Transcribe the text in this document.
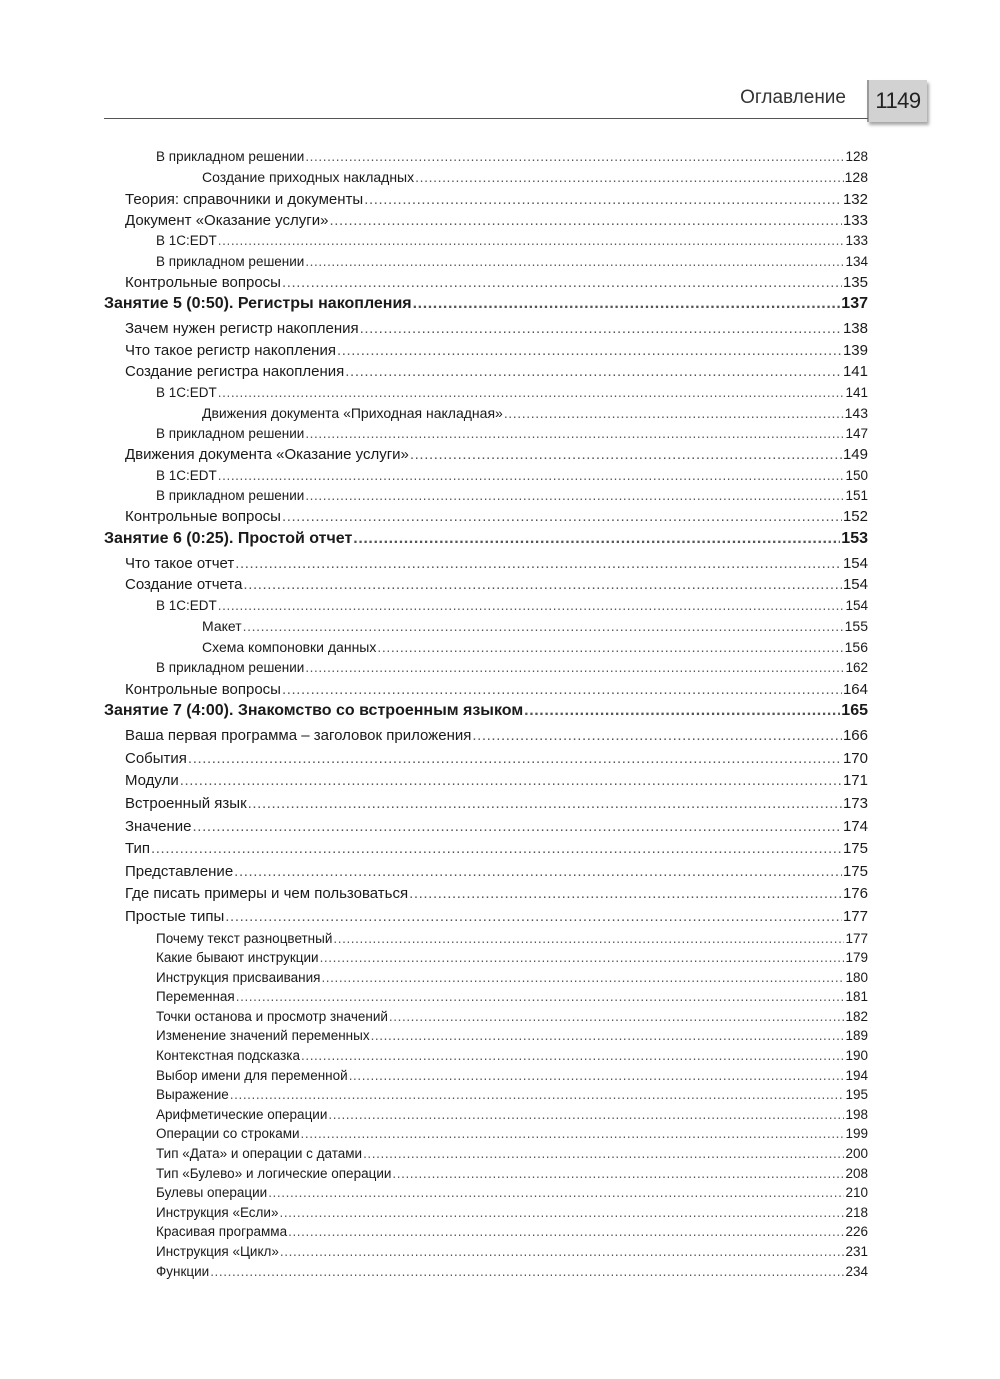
Оглавление	1149
В прикладном решении .....	128
Создание приходных накладных .....	128
Теория: справочники и документы .....	132
Документ «Оказание услуги» .....	133
В 1С:EDT .....	133
В прикладном решении .....	134
Контрольные вопросы .....	135
Занятие 5 (0:50). Регистры накопления .....	137
Зачем нужен регистр накопления .....	138
Что такое регистр накопления .....	139
Создание регистра накопления .....	141
В 1С:EDT .....	141
Движения документа «Приходная накладная» .....	143
В прикладном решении .....	147
Движения документа «Оказание услуги» .....	149
В 1С:EDT .....	150
В прикладном решении .....	151
Контрольные вопросы .....	152
Занятие 6 (0:25). Простой отчет .....	153
Что такое отчет .....	154
Создание отчета .....	154
В 1С:EDT .....	154
Макет .....	155
Схема компоновки данных .....	156
В прикладном решении .....	162
Контрольные вопросы .....	164
Занятие 7 (4:00). Знакомство со встроенным языком .....	165
Ваша первая программа – заголовок приложения .....	166
События .....	170
Модули .....	171
Встроенный язык .....	173
Значение .....	174
Тип .....	175
Представление .....	175
Где писать примеры и чем пользоваться .....	176
Простые типы .....	177
Почему текст разноцветный .....	177
Какие бывают инструкции .....	179
Инструкция присваивания .....	180
Переменная .....	181
Точки останова и просмотр значений .....	182
Изменение значений переменных .....	189
Контекстная подсказка .....	190
Выбор имени для переменной .....	194
Выражение .....	195
Арифметические операции .....	198
Операции со строками .....	199
Тип «Дата» и операции с датами .....	200
Тип «Булево» и логические операции .....	208
Булевы операции .....	210
Инструкция «Если» .....	218
Красивая программа .....	226
Инструкция «Цикл» .....	231
Функции .....	234
